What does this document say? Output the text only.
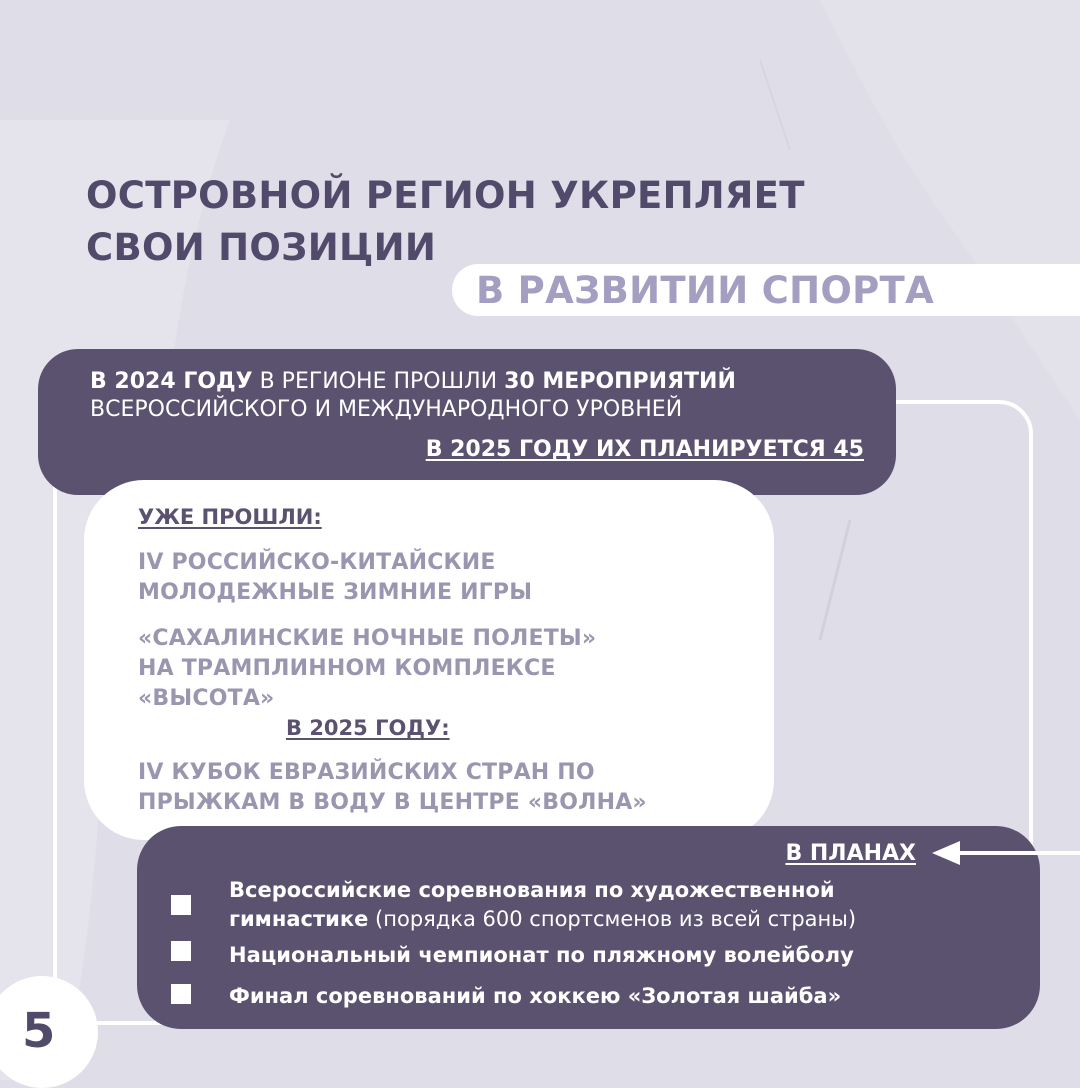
ОСТРОВНОЙ РЕГИОН УКРЕПЛЯЕТ
СВОИ ПОЗИЦИИ
В РАЗВИТИИ СПОРТА
В 2024 ГОДУ В РЕГИОНЕ ПРОШЛИ 30 МЕРОПРИЯТИЙ
ВСЕРОССИЙСКОГО И МЕЖДУНАРОДНОГО УРОВНЕЙ
В 2025 ГОДУ ИХ ПЛАНИРУЕТСЯ 45
УЖЕ ПРОШЛИ:
IV РОССИЙСКО-КИТАЙСКИЕ
МОЛОДЕЖНЫЕ ЗИМНИЕ ИГРЫ
«САХАЛИНСКИЕ НОЧНЫЕ ПОЛЕТЫ»
НА ТРАМПЛИННОМ КОМПЛЕКСЕ
«ВЫСОТА»
В 2025 ГОДУ:
IV КУБОК ЕВРАЗИЙСКИХ СТРАН ПО
ПРЫЖКАМ В ВОДУ В ЦЕНТРЕ «ВОЛНА»
В ПЛАНАХ
Всероссийские соревнования по художественной
гимнастике (порядка 600 спортсменов из всей страны)
Национальный чемпионат по пляжному волейболу
Финал соревнований по хоккею «Золотая шайба»
5
